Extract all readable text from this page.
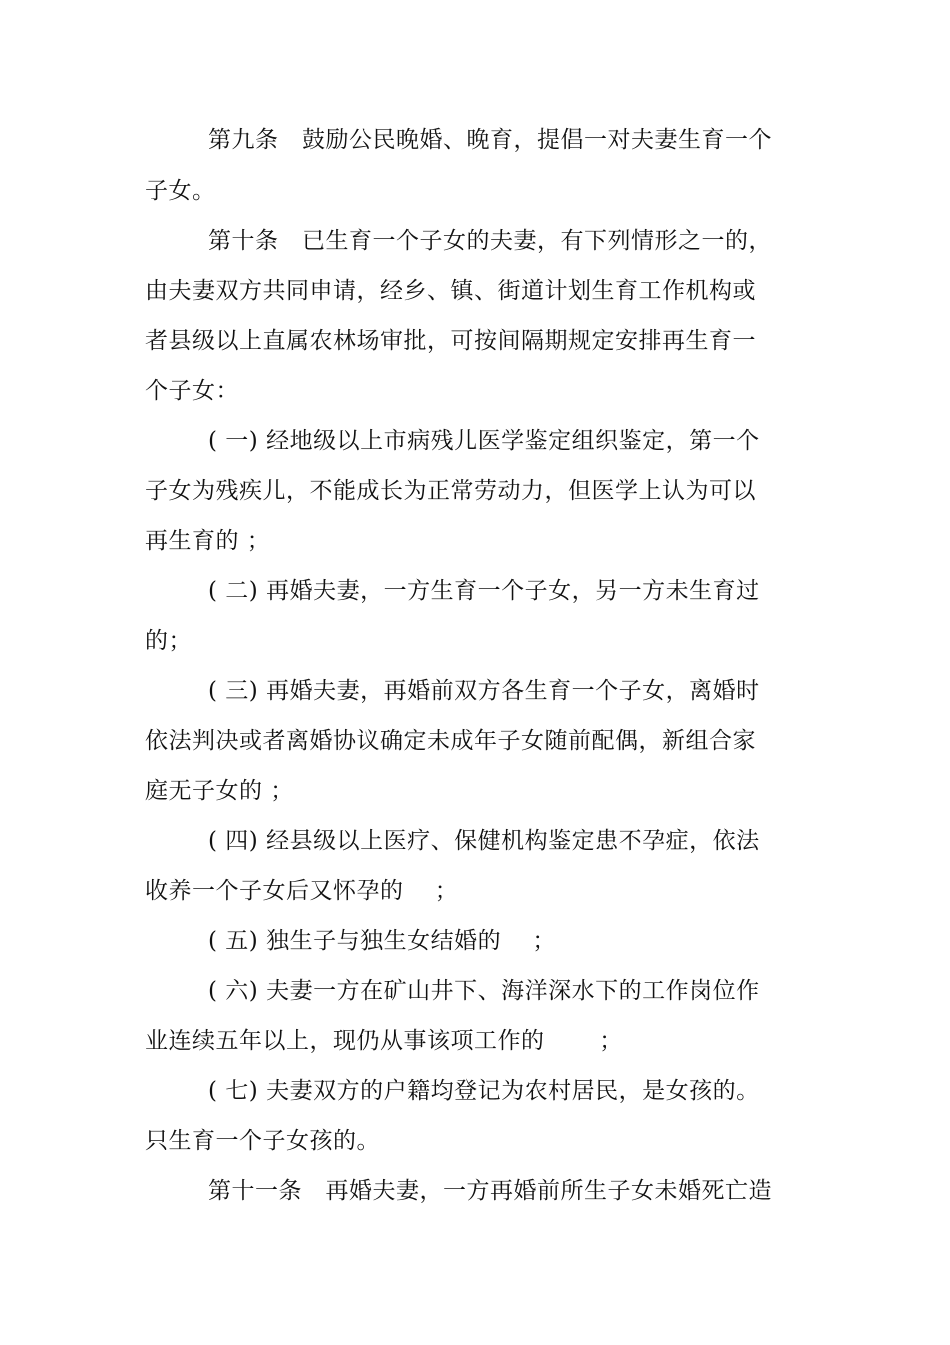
第九条　鼓励公民晚婚、晚育，提倡一对夫妻生育一个
子女。
第十条　已生育一个子女的夫妻，有下列情形之一的，
由夫妻双方共同申请，经乡、镇、街道计划生育工作机构或
者县级以上直属农林场审批，可按间隔期规定安排再生育一
个子女：
( 一) 经地级以上市病残儿医学鉴定组织鉴定，第一个
子女为残疾儿，不能成长为正常劳动力，但医学上认为可以
再生育的 ；
( 二) 再婚夫妻，一方生育一个子女，另一方未生育过
的；
( 三) 再婚夫妻，再婚前双方各生育一个子女，离婚时
依法判决或者离婚协议确定未成年子女随前配偶，新组合家
庭无子女的 ；
( 四) 经县级以上医疗、保健机构鉴定患不孕症，依法
收养一个子女后又怀孕的　 ；
( 五) 独生子与独生女结婚的　 ；
( 六) 夫妻一方在矿山井下、海洋深水下的工作岗位作
业连续五年以上，现仍从事该项工作的　　 ；
( 七) 夫妻双方的户籍均登记为农村居民，是女孩的。
只生育一个子女孩的。
第十一条　再婚夫妻，一方再婚前所生子女未婚死亡造
